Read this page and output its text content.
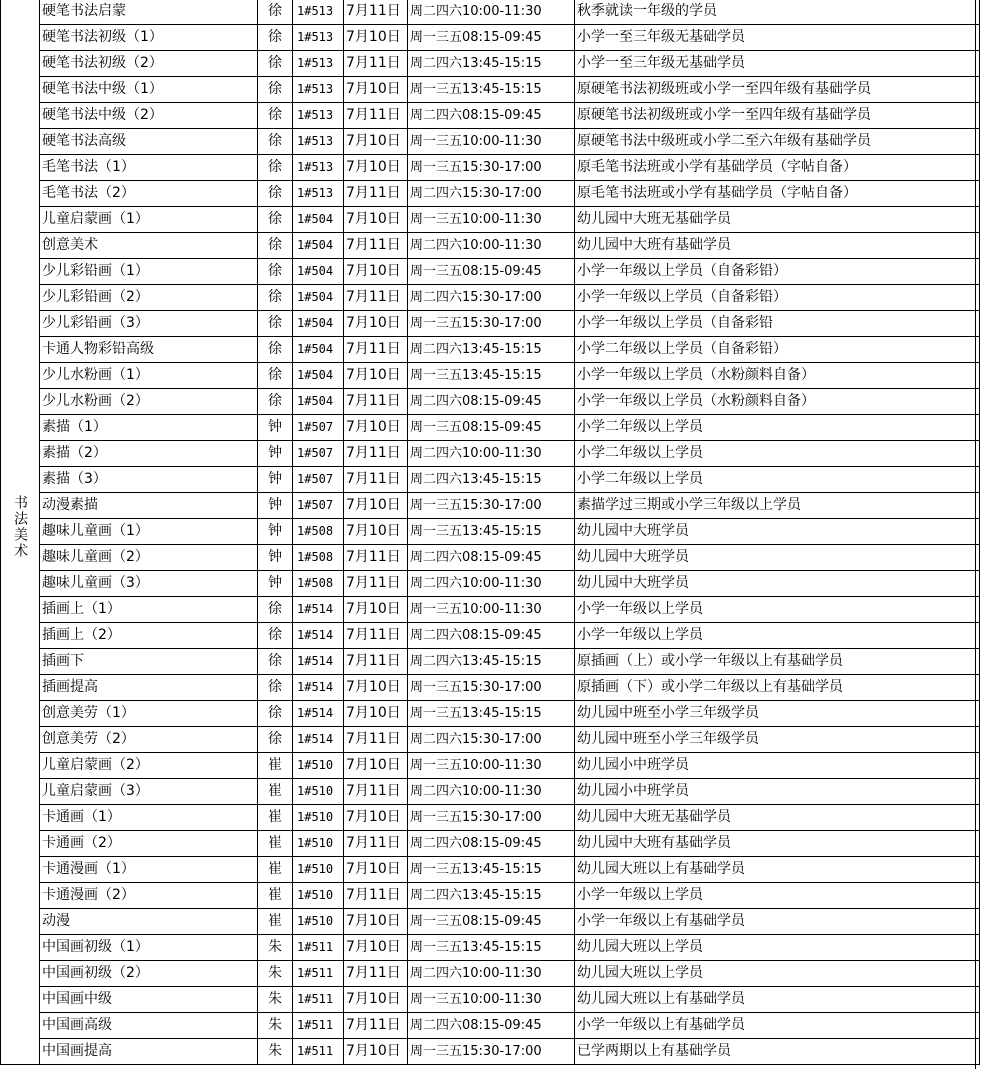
书法美术	硬笔书法启蒙	徐	1#513	7月11日	周二四六10:00-11:30	秋季就读一年级的学员
	硬笔书法初级（1）	徐	1#513	7月10日	周一三五08:15-09:45	小学一至三年级无基础学员
	硬笔书法初级（2）	徐	1#513	7月11日	周二四六13:45-15:15	小学一至三年级无基础学员
	硬笔书法中级（1）	徐	1#513	7月10日	周一三五13:45-15:15	原硬笔书法初级班或小学一至四年级有基础学员
	硬笔书法中级（2）	徐	1#513	7月11日	周二四六08:15-09:45	原硬笔书法初级班或小学一至四年级有基础学员
	硬笔书法高级	徐	1#513	7月10日	周一三五10:00-11:30	原硬笔书法中级班或小学二至六年级有基础学员
	毛笔书法（1）	徐	1#513	7月10日	周一三五15:30-17:00	原毛笔书法班或小学有基础学员（字帖自备）
	毛笔书法（2）	徐	1#513	7月11日	周二四六15:30-17:00	原毛笔书法班或小学有基础学员（字帖自备）
	儿童启蒙画（1）	徐	1#504	7月10日	周一三五10:00-11:30	幼儿园中大班无基础学员
	创意美术	徐	1#504	7月11日	周二四六10:00-11:30	幼儿园中大班有基础学员
	少儿彩铅画（1）	徐	1#504	7月10日	周一三五08:15-09:45	小学一年级以上学员（自备彩铅）
	少儿彩铅画（2）	徐	1#504	7月11日	周二四六15:30-17:00	小学一年级以上学员（自备彩铅）
	少儿彩铅画（3）	徐	1#504	7月10日	周一三五15:30-17:00	小学一年级以上学员（自备彩铅
	卡通人物彩铅高级	徐	1#504	7月11日	周二四六13:45-15:15	小学二年级以上学员（自备彩铅）
	少儿水粉画（1）	徐	1#504	7月10日	周一三五13:45-15:15	小学一年级以上学员（水粉颜料自备）
	少儿水粉画（2）	徐	1#504	7月11日	周二四六08:15-09:45	小学一年级以上学员（水粉颜料自备）
	素描（1）	钟	1#507	7月10日	周一三五08:15-09:45	小学二年级以上学员
	素描（2）	钟	1#507	7月11日	周二四六10:00-11:30	小学二年级以上学员
	素描（3）	钟	1#507	7月11日	周二四六13:45-15:15	小学二年级以上学员
	动漫素描	钟	1#507	7月10日	周一三五15:30-17:00	素描学过三期或小学三年级以上学员
	趣味儿童画（1）	钟	1#508	7月10日	周一三五13:45-15:15	幼儿园中大班学员
	趣味儿童画（2）	钟	1#508	7月11日	周二四六08:15-09:45	幼儿园中大班学员
	趣味儿童画（3）	钟	1#508	7月11日	周二四六10:00-11:30	幼儿园中大班学员
	插画上（1）	徐	1#514	7月10日	周一三五10:00-11:30	小学一年级以上学员
	插画上（2）	徐	1#514	7月11日	周二四六08:15-09:45	小学一年级以上学员
	插画下	徐	1#514	7月11日	周二四六13:45-15:15	原插画（上）或小学一年级以上有基础学员
	插画提高	徐	1#514	7月10日	周一三五15:30-17:00	原插画（下）或小学二年级以上有基础学员
	创意美劳（1）	徐	1#514	7月10日	周一三五13:45-15:15	幼儿园中班至小学三年级学员
	创意美劳（2）	徐	1#514	7月11日	周二四六15:30-17:00	幼儿园中班至小学三年级学员
	儿童启蒙画（2）	崔	1#510	7月10日	周一三五10:00-11:30	幼儿园小中班学员
	儿童启蒙画（3）	崔	1#510	7月11日	周二四六10:00-11:30	幼儿园小中班学员
	卡通画（1）	崔	1#510	7月10日	周一三五15:30-17:00	幼儿园中大班无基础学员
	卡通画（2）	崔	1#510	7月11日	周二四六08:15-09:45	幼儿园中大班有基础学员
	卡通漫画（1）	崔	1#510	7月10日	周一三五13:45-15:15	幼儿园大班以上有基础学员
	卡通漫画（2）	崔	1#510	7月11日	周二四六13:45-15:15	小学一年级以上学员
	动漫	崔	1#510	7月10日	周一三五08:15-09:45	小学一年级以上有基础学员
	中国画初级（1）	朱	1#511	7月10日	周一三五13:45-15:15	幼儿园大班以上学员
	中国画初级（2）	朱	1#511	7月11日	周二四六10:00-11:30	幼儿园大班以上学员
	中国画中级	朱	1#511	7月10日	周一三五10:00-11:30	幼儿园大班以上有基础学员
	中国画高级	朱	1#511	7月11日	周二四六08:15-09:45	小学一年级以上有基础学员
	中国画提高	朱	1#511	7月10日	周一三五15:30-17:00	已学两期以上有基础学员
